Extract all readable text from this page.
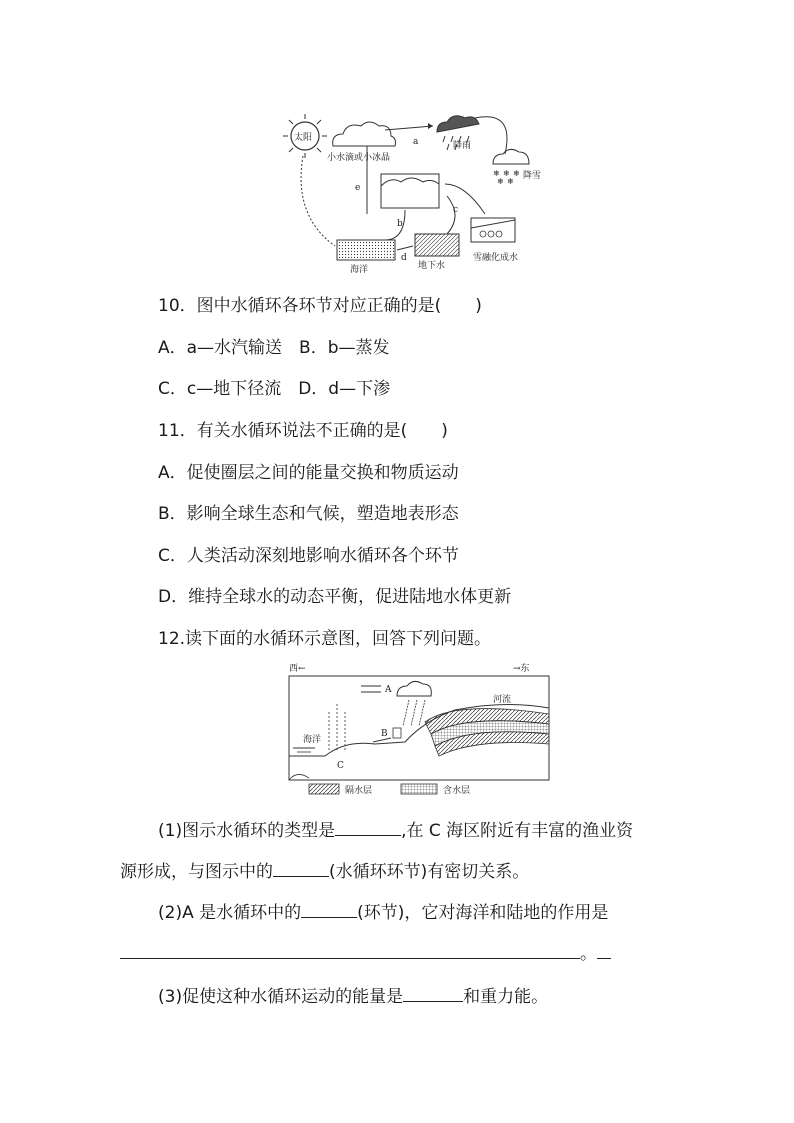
太阳
小水滴或小冰晶
降雨
❄ ❄ ❄
❄ ❄
降雪
a
e
海洋	地下水
雪融化成水
b
c
d
10．图中水循环各环节对应正确的是(　　)
A．a—水汽输送　B．b—蒸发
C．c—地下径流　D．d—下渗
11．有关水循环说法不正确的是(　　)
A．促使圈层之间的能量交换和物质运动
B．影响全球生态和气候，塑造地表形态
C．人类活动深刻地影响水循环各个环节
D．维持全球水的动态平衡，促进陆地水体更新
12.读下面的水循环示意图，回答下列问题。
西←	→东
海洋
A
河流
B
C
隔水层	含水层
(1)图示水循环的类型是	,在 C 海区附近有丰富的渔业资
源形成，与图示中的	(水循环环节)有密切关系。
(2)A 是水循环中的	(环节)，它对海洋和陆地的作用是
。
(3)促使这种水循环运动的能量是	和重力能。
